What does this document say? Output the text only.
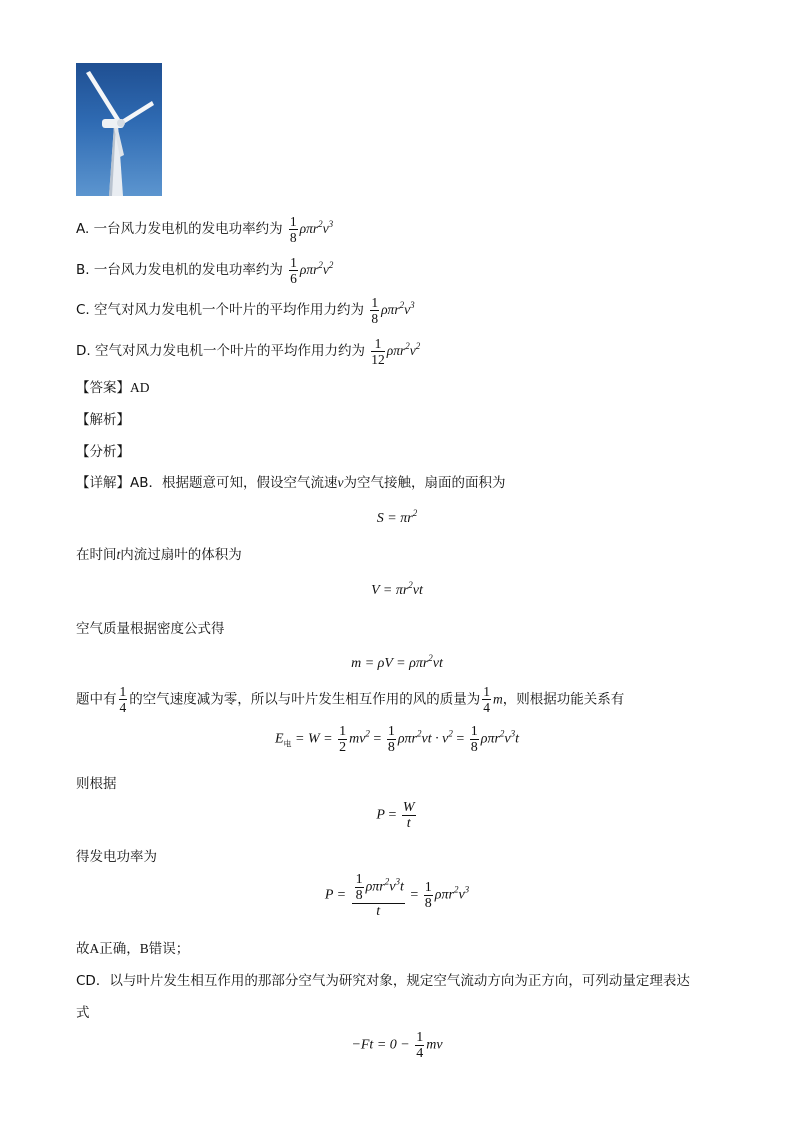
A. 一台风力发电机的发电功率约为 $\frac{1}{8} \rho\pi r^2v^3$
B. 一台风力发电机的发电功率约为 $\frac{1}{6} \rho\pi r^2v^2$
C. 空气对风力发电机一个叶片的平均作用力约为 $\frac{1}{8} \rho\pi r^2v^3$
D. 空气对风力发电机一个叶片的平均作用力约为 $\frac{1}{12} \rho\pi r^2v^2$
【答案】AD
【解析】
【分析】
【详解】AB．根据题意可知，假设空气流速v为空气接触，扇面的面积为
$S = \pi r^2$
在时间t内流过扇叶的体积为
$V = \pi r^2vt$
空气质量根据密度公式得
m = ρV = ρπr$^2$vt
题中有 $\frac{1}{4}$ 的空气速度减为零，所以与叶片发生相互作用的风的质量为 $\frac{1}{4}$ m，则根据功能关系有
$E_电 = W = \frac{1}{2} mv^2 = \frac{1}{8} \rho\pi r^2vt \cdot v^2 = \frac{1}{8} \rho\pi r^2v^3t$
则根据
$P = \frac{W}{t}$
得发电功率为
$P = \frac{\frac{1}{8} \rho\pi r^2v^3t}{t} = \frac{1}{8} \rho\pi r^2v^3$
故A正确，B错误；
CD．以与叶片发生相互作用的那部分空气为研究对象，规定空气流动方向为正方向，可列动量定理表达
式
$-Ft = 0 - \frac{1}{4}$ mv
